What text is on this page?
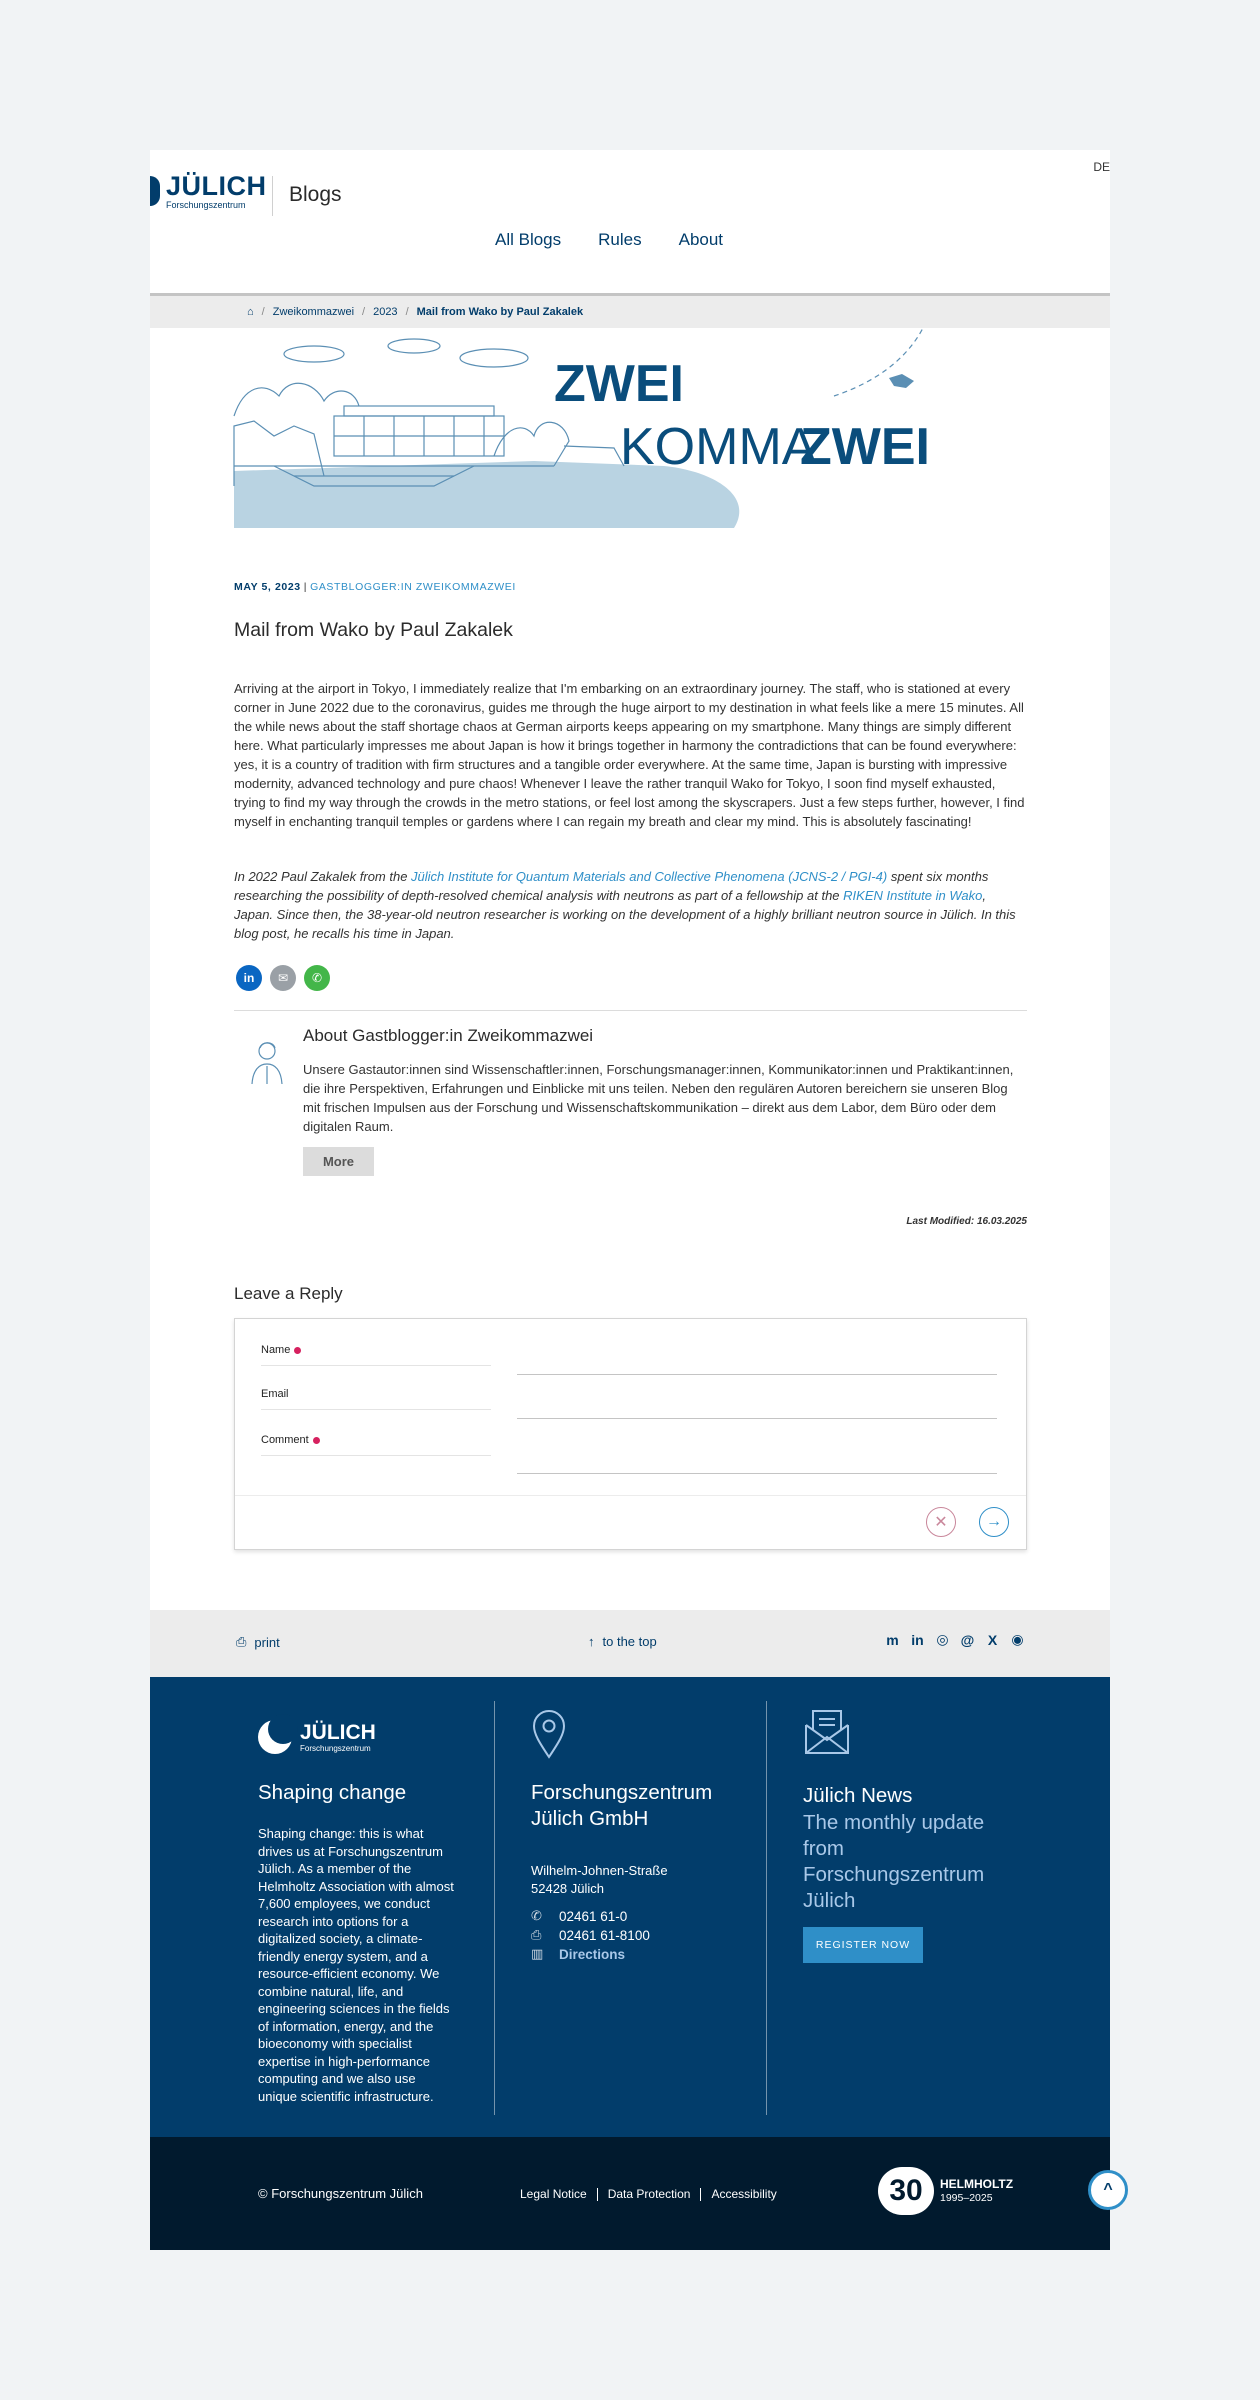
DE
JÜLICH
Forschungszentrum	Blogs
All Blogs Rules About
⌂ / Zweikommazwei / 2023 / Mail from Wako by Paul Zakalek
ZWEI
KOMMA
ZWEI
MAY 5, 2023 | GASTBLOGGER:IN ZWEIKOMMAZWEI
Mail from Wako by Paul Zakalek

Arriving at the airport in Tokyo, I immediately realize that I'm embarking on an extraordinary journey. The staff, who is stationed at every corner in June 2022 due to the coronavirus, guides me through the huge airport to my destination in what feels like a mere 15 minutes. All the while news about the staff shortage chaos at German airports keeps appearing on my smartphone. Many things are simply different here. What particularly impresses me about Japan is how it brings together in harmony the contradictions that can be found everywhere: yes, it is a country of tradition with firm structures and a tangible order everywhere. At the same time, Japan is bursting with impressive modernity, advanced technology and pure chaos! Whenever I leave the rather tranquil Wako for Tokyo, I soon find myself exhausted, trying to find my way through the crowds in the metro stations, or feel lost among the skyscrapers. Just a few steps further, however, I find myself in enchanting tranquil temples or gardens where I can regain my breath and clear my mind. This is absolutely fascinating!

In 2022 Paul Zakalek from the Jülich Institute for Quantum Materials and Collective Phenomena (JCNS-2 / PGI-4) spent six months researching the possibility of depth-resolved chemical analysis with neutrons as part of a fellowship at the RIKEN Institute in Wako, Japan. Since then, the 38-year-old neutron researcher is working on the development of a highly brilliant neutron source in Jülich. In this blog post, he recalls his time in Japan.

in	✉	✆
About Gastblogger:in Zweikommazwei

Unsere Gastautor:innen sind Wissenschaftler:innen, Forschungsmanager:innen, Kommunikator:innen und Praktikant:innen, die ihre Perspektiven, Erfahrungen und Einblicke mit uns teilen. Neben den regulären Autoren bereichern sie unseren Blog mit frischen Impulsen aus der Forschung und Wissenschaftskommunikation – direkt aus dem Labor, dem Büro oder dem digitalen Raum.

More
Last Modified: 16.03.2025
Leave a Reply
Name
Email
Comment
✕ →
⎙ print	↑ to the top	m in ◎ @ X	◉
JÜLICH
Forschungszentrum
Shaping change

Shaping change: this is what drives us at Forschungszentrum Jülich. As a member of the Helmholtz Association with almost 7,600 employees, we conduct research into options for a digitalized society, a climate-friendly energy system, and a resource-efficient economy. We combine natural, life, and engineering sciences in the fields of information, energy, and the bioeconomy with specialist expertise in high-performance computing and we also use unique scientific infrastructure.

Forschungszentrum Jülich GmbH
Wilhelm-Johnen-Straße
52428 Jülich
✆	02461 61-0
⎙	02461 61-8100
▥ Directions
Jülich News
The monthly update from Forschungszentrum Jülich
REGISTER NOW
© Forschungszentrum Jülich	Legal Notice Data Protection Accessibility	30	HELMHOLTZ
1995–2025	^
